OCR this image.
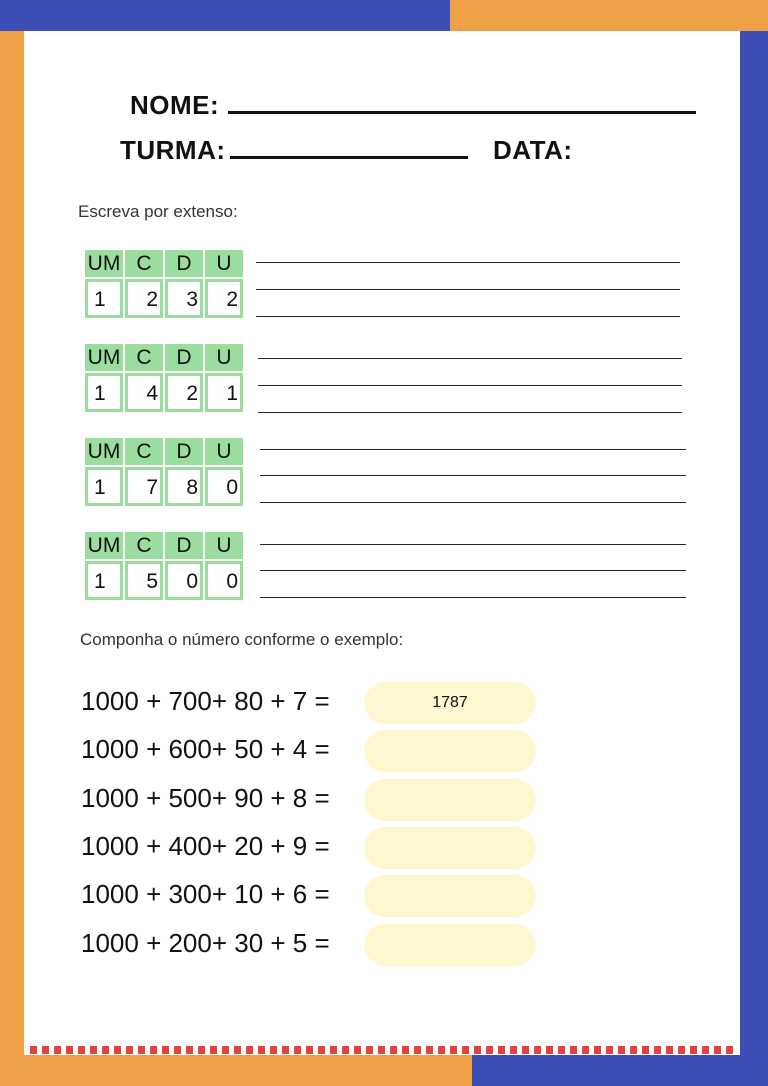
NOME:
TURMA:	DATA:
Escreva por extenso:
UM C	D	U
1 2 3 2
UM C	D	U
1 4 2 1
UM C	D	U
1 7 8 0
UM C	D	U
1 5 0 0
Componha o número conforme o exemplo:
1000 + 700+ 80 + 7 =	1787
1000 + 600+ 50 + 4 =
1000 + 500+ 90 + 8 =
1000 + 400+ 20 + 9 =
1000 + 300+ 10 + 6 =
1000 + 200+ 30 + 5 =
